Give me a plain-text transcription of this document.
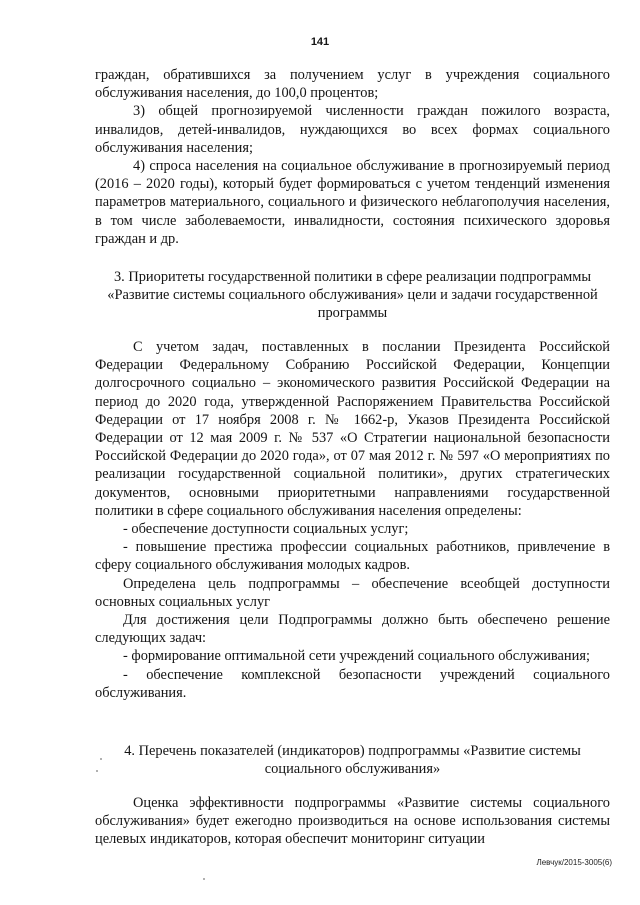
141

граждан, обратившихся за получением услуг в учреждения социального обслуживания населения, до 100,0 процентов;

3) общей прогнозируемой численности граждан пожилого возраста, инвалидов, детей-инвалидов, нуждающихся во всех формах социального обслуживания населения;

4) спроса населения на социальное обслуживание в прогнозируемый период (2016 – 2020 годы), который будет формироваться с учетом тенденций изменения параметров материального, социального и физического неблагополучия населения, в том числе заболеваемости, инвалидности, состояния психического здоровья граждан и др.

3. Приоритеты государственной политики в сфере реализации подпрограммы «Развитие системы социального обслуживания» цели и задачи государственной программы

С учетом задач, поставленных в послании Президента Российской Федерации Федеральному Собранию Российской Федерации, Концепции долгосрочного социально – экономического развития Российской Федерации на период до 2020 года, утвержденной Распоряжением Правительства Российской Федерации от 17 ноября 2008 г. № 1662-р, Указов Президента Российской Федерации от 12 мая 2009 г. № 537 «О Стратегии национальной безопасности Российской Федерации до 2020 года», от 07 мая 2012 г. № 597 «О мероприятиях по реализации государственной социальной политики», других стратегических документов, основными приоритетными направлениями государственной политики в сфере социального обслуживания населения определены:

- обеспечение доступности социальных услуг;

- повышение престижа профессии социальных работников, привлечение в сферу социального обслуживания молодых кадров.

Определена цель подпрограммы – обеспечение всеобщей доступности основных социальных услуг

Для достижения цели Подпрограммы должно быть обеспечено решение следующих задач:

- формирование оптимальной сети учреждений социального обслуживания;

- обеспечение комплексной безопасности учреждений социального обслуживания.

4. Перечень показателей (индикаторов) подпрограммы «Развитие системы социального обслуживания»

Оценка эффективности подпрограммы «Развитие системы социального обслуживания» будет ежегодно производиться на основе использования системы целевых индикаторов, которая обеспечит мониторинг ситуации

Левчук/2015-3005(6)
